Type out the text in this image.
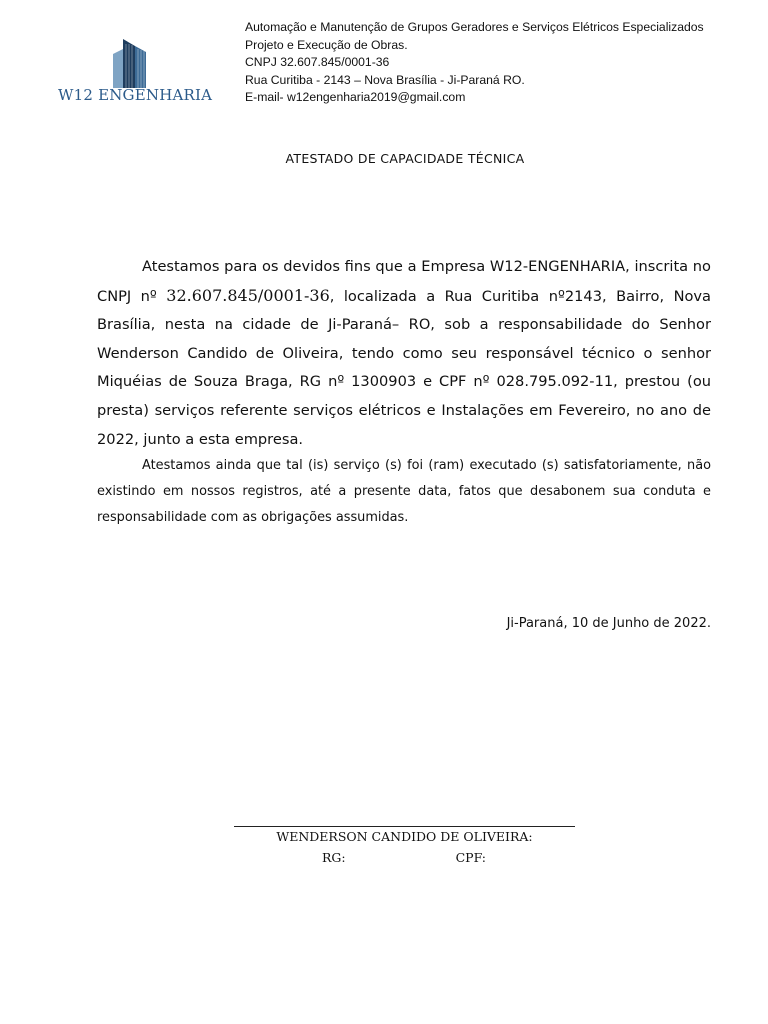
W12 ENGENHARIA
Automação e Manutenção de Grupos Geradores e Serviços Elétricos Especializados
Projeto e Execução de Obras.
CNPJ 32.607.845/0001-36
Rua Curitiba - 2143 – Nova Brasília - Ji-Paraná RO.
E-mail- w12engenharia2019@gmail.com
ATESTADO DE CAPACIDADE TÉCNICA

Atestamos para os devidos fins que a Empresa W12-ENGENHARIA, inscrita no CNPJ nº 32.607.845/0001-36, localizada a Rua Curitiba nº2143, Bairro, Nova Brasília, nesta na cidade de Ji-Paraná– RO, sob a responsabilidade do Senhor Wenderson Candido de Oliveira, tendo como seu responsável técnico o senhor Miquéias de Souza Braga, RG nº 1300903 e CPF nº 028.795.092-11, prestou (ou presta) serviços referente serviços elétricos e Instalações em Fevereiro, no ano de 2022, junto a esta empresa.

Atestamos ainda que tal (is) serviço (s) foi (ram) executado (s) satisfatoriamente, não existindo em nossos registros, até a presente data, fatos que desabonem sua conduta e responsabilidade com as obrigações assumidas.

Ji-Paraná, 10 de Junho de 2022.
WENDERSON CANDIDO DE OLIVEIRA:
RG:	CPF:
